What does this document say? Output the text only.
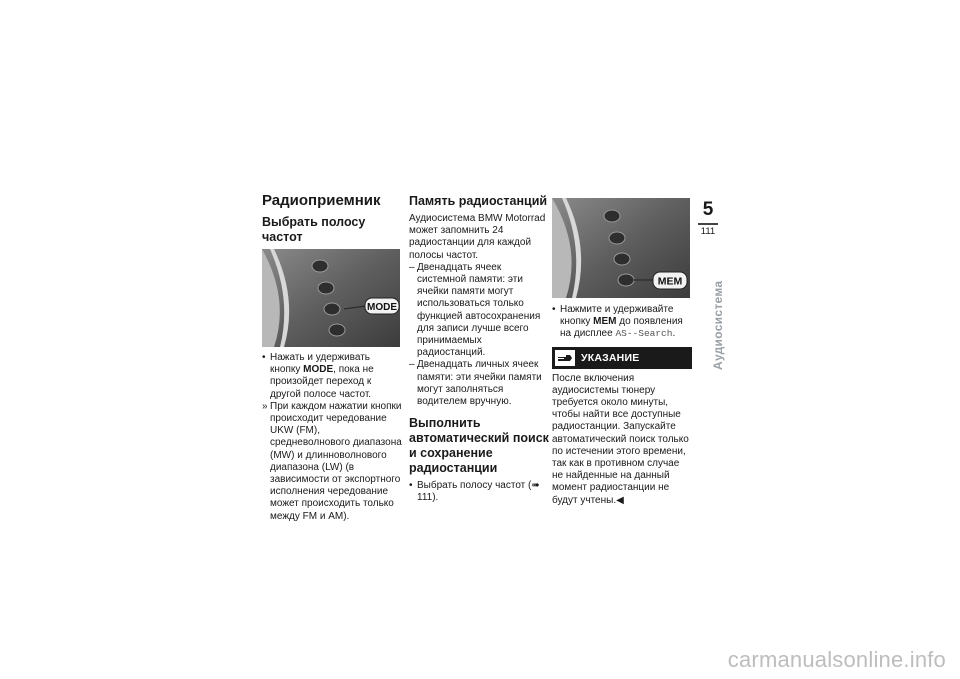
Радиоприемник
Выбрать полосу частот
MODE
• Нажать и удерживать кнопку MODE, пока не произойдет переход к другой полосе частот.
» При каждом нажатии кнопки происходит чередование UKW (FM), средневолнового диапазона (MW) и длинноволнового диапазона (LW) (в зависимости от экспортного исполнения чередование может происходить только между FM и AM).
Память радиостанций

Аудиосистема BMW Motorrad может запомнить 24 радиостанции для каждой полосы частот.

– Двенадцать ячеек системной памяти: эти ячейки памяти могут использоваться только функцией автосохранения для записи лучше всего принимаемых радиостанций.
– Двенадцать личных ячеек памяти: эти ячейки памяти могут заполняться водителем вручную.
Выполнить автоматический поиск и сохранение радиостанции
• Выбрать полосу частот (➠ 111).
MEM
• Нажмите и удерживайте кнопку MEM до появления на дисплее AS--Search.
УКАЗАНИЕ

После включения аудиосистемы тюнеру требуется около минуты, чтобы найти все доступные радиостанции. Запускайте автоматический поиск только по истечении этого времени, так как в противном случае не найденные на данный момент радиостанции не будут учтены.◀

5
111
Аудиосистема
carmanualsonline.info
